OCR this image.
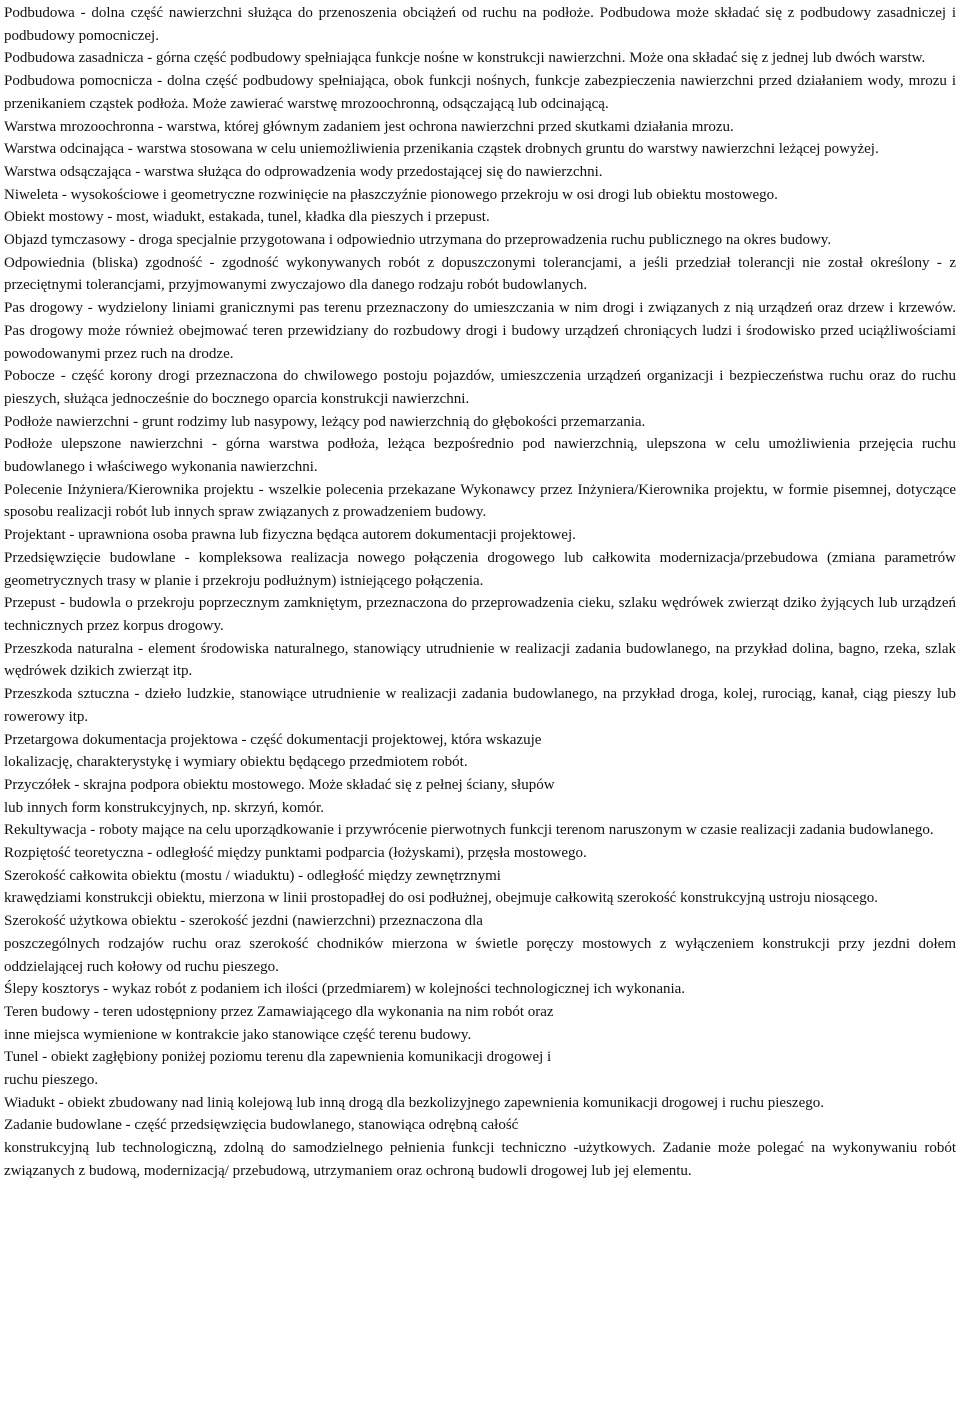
Podbudowa - dolna część nawierzchni służąca do przenoszenia obciążeń od ruchu na podłoże. Podbudowa może składać się z podbudowy zasadniczej i podbudowy pomocniczej.
Podbudowa zasadnicza - górna część podbudowy spełniająca funkcje nośne w konstrukcji nawierzchni. Może ona składać się z jednej lub dwóch warstw.
Podbudowa pomocnicza - dolna część podbudowy spełniająca, obok funkcji nośnych, funkcje zabezpieczenia nawierzchni przed działaniem wody, mrozu i przenikaniem cząstek podłoża. Może zawierać warstwę mrozoochronną, odsączającą lub odcinającą.
Warstwa mrozoochronna - warstwa, której głównym zadaniem jest ochrona nawierzchni przed skutkami działania mrozu.
Warstwa odcinająca - warstwa stosowana w celu uniemożliwienia przenikania cząstek drobnych gruntu do warstwy nawierzchni leżącej powyżej.
Warstwa odsączająca - warstwa służąca do odprowadzenia wody przedostającej się do nawierzchni.
Niweleta - wysokościowe i geometryczne rozwinięcie na płaszczyźnie pionowego przekroju w osi drogi lub obiektu mostowego.
Obiekt mostowy - most, wiadukt, estakada, tunel, kładka dla pieszych i przepust.
Objazd tymczasowy - droga specjalnie przygotowana i odpowiednio utrzymana do przeprowadzenia ruchu publicznego na okres budowy.
Odpowiednia (bliska) zgodność - zgodność wykonywanych robót z dopuszczonymi tolerancjami, a jeśli przedział tolerancji nie został określony - z przeciętnymi tolerancjami, przyjmowanymi zwyczajowo dla danego rodzaju robót budowlanych.
Pas drogowy - wydzielony liniami granicznymi pas terenu przeznaczony do umieszczania w nim drogi i związanych z nią urządzeń oraz drzew i krzewów. Pas drogowy może również obejmować teren przewidziany do rozbudowy drogi i budowy urządzeń chroniących ludzi i środowisko przed uciążliwościami powodowanymi przez ruch na drodze.
Pobocze - część korony drogi przeznaczona do chwilowego postoju pojazdów, umieszczenia urządzeń organizacji i bezpieczeństwa ruchu oraz do ruchu pieszych, służąca jednocześnie do bocznego oparcia konstrukcji nawierzchni.
Podłoże nawierzchni - grunt rodzimy lub nasypowy, leżący pod nawierzchnią do głębokości przemarzania.
Podłoże ulepszone nawierzchni - górna warstwa podłoża, leżąca bezpośrednio pod nawierzchnią, ulepszona w celu umożliwienia przejęcia ruchu budowlanego i właściwego wykonania nawierzchni.
Polecenie Inżyniera/Kierownika projektu - wszelkie polecenia przekazane Wykonawcy przez Inżyniera/Kierownika projektu, w formie pisemnej, dotyczące sposobu realizacji robót lub innych spraw związanych z prowadzeniem budowy.
Projektant - uprawniona osoba prawna lub fizyczna będąca autorem dokumentacji projektowej.
Przedsięwzięcie budowlane - kompleksowa realizacja nowego połączenia drogowego lub całkowita modernizacja/przebudowa (zmiana parametrów geometrycznych trasy w planie i przekroju podłużnym) istniejącego połączenia.
Przepust - budowla o przekroju poprzecznym zamkniętym, przeznaczona do przeprowadzenia cieku, szlaku wędrówek zwierząt dziko żyjących lub urządzeń technicznych przez korpus drogowy.
Przeszkoda naturalna - element środowiska naturalnego, stanowiący utrudnienie w realizacji zadania budowlanego, na przykład dolina, bagno, rzeka, szlak wędrówek dzikich zwierząt itp.
Przeszkoda sztuczna - dzieło ludzkie, stanowiące utrudnienie w realizacji zadania budowlanego, na przykład droga, kolej, rurociąg, kanał, ciąg pieszy lub rowerowy itp.
Przetargowa dokumentacja projektowa - część dokumentacji projektowej, która wskazuje
lokalizację, charakterystykę i wymiary obiektu będącego przedmiotem robót.
Przyczółek - skrajna podpora obiektu mostowego. Może składać się z pełnej ściany, słupów
lub innych form konstrukcyjnych, np. skrzyń, komór.
Rekultywacja - roboty mające na celu uporządkowanie i przywrócenie pierwotnych funkcji terenom naruszonym w czasie realizacji zadania budowlanego.
Rozpiętość teoretyczna - odległość między punktami podparcia (łożyskami), przęsła mostowego.
Szerokość całkowita obiektu (mostu / wiaduktu) - odległość między zewnętrznymi
krawędziami konstrukcji obiektu, mierzona w linii prostopadłej do osi podłużnej, obejmuje całkowitą szerokość konstrukcyjną ustroju niosącego.
Szerokość użytkowa obiektu - szerokość jezdni (nawierzchni) przeznaczona dla
poszczególnych rodzajów ruchu oraz szerokość chodników mierzona w świetle poręczy mostowych z wyłączeniem konstrukcji przy jezdni dołem oddzielającej ruch kołowy od ruchu pieszego.
Ślepy kosztorys - wykaz robót z podaniem ich ilości (przedmiarem) w kolejności technologicznej ich wykonania.
Teren budowy - teren udostępniony przez Zamawiającego dla wykonania na nim robót oraz
inne miejsca wymienione w kontrakcie jako stanowiące część terenu budowy.
Tunel - obiekt zagłębiony poniżej poziomu terenu dla zapewnienia komunikacji drogowej i
ruchu pieszego.
Wiadukt - obiekt zbudowany nad linią kolejową lub inną drogą dla bezkolizyjnego zapewnienia komunikacji drogowej i ruchu pieszego.
Zadanie budowlane - część przedsięwzięcia budowlanego, stanowiąca odrębną całość
konstrukcyjną lub technologiczną, zdolną do samodzielnego pełnienia funkcji techniczno -użytkowych. Zadanie może polegać na wykonywaniu robót związanych z budową, modernizacją/ przebudową, utrzymaniem oraz ochroną budowli drogowej lub jej elementu.
